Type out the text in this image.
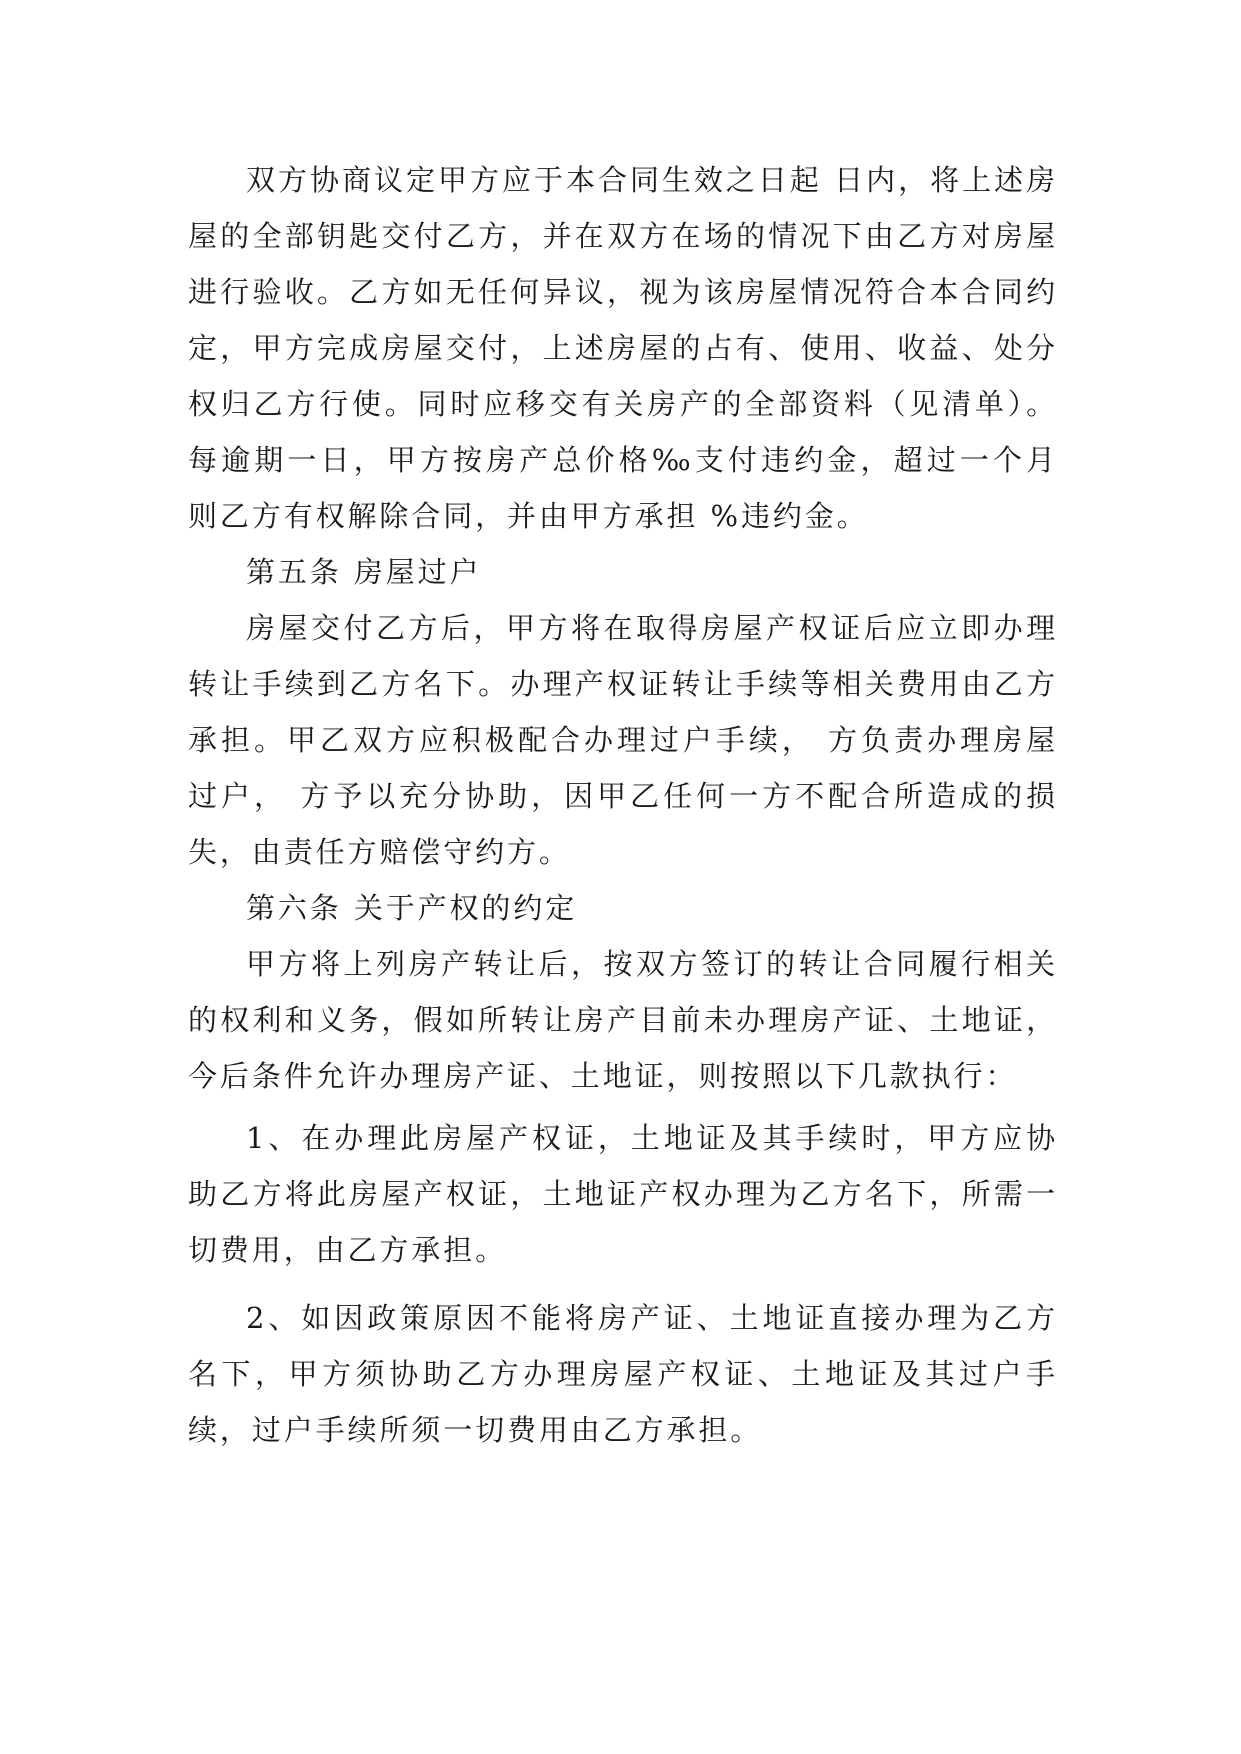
双方协商议定甲方应于本合同生效之日起 日内，将上述房屋的全部钥匙交付乙方，并在双方在场的情况下由乙方对房屋进行验收。乙方如无任何异议，视为该房屋情况符合本合同约定，甲方完成房屋交付，上述房屋的占有、使用、收益、处分权归乙方行使。同时应移交有关房产的全部资料（见清单）。每逾期一日，甲方按房产总价格‰支付违约金，超过一个月则乙方有权解除合同，并由甲方承担 %违约金。

第五条 房屋过户

房屋交付乙方后，甲方将在取得房屋产权证后应立即办理转让手续到乙方名下。办理产权证转让手续等相关费用由乙方承担。甲乙双方应积极配合办理过户手续， 方负责办理房屋过户， 方予以充分协助，因甲乙任何一方不配合所造成的损失，由责任方赔偿守约方。

第六条 关于产权的约定

甲方将上列房产转让后，按双方签订的转让合同履行相关的权利和义务，假如所转让房产目前未办理房产证、土地证，今后条件允许办理房产证、土地证，则按照以下几款执行：

1、在办理此房屋产权证，土地证及其手续时，甲方应协助乙方将此房屋产权证，土地证产权办理为乙方名下，所需一切费用，由乙方承担。

2、如因政策原因不能将房产证、土地证直接办理为乙方名下，甲方须协助乙方办理房屋产权证、土地证及其过户手续，过户手续所须一切费用由乙方承担。
